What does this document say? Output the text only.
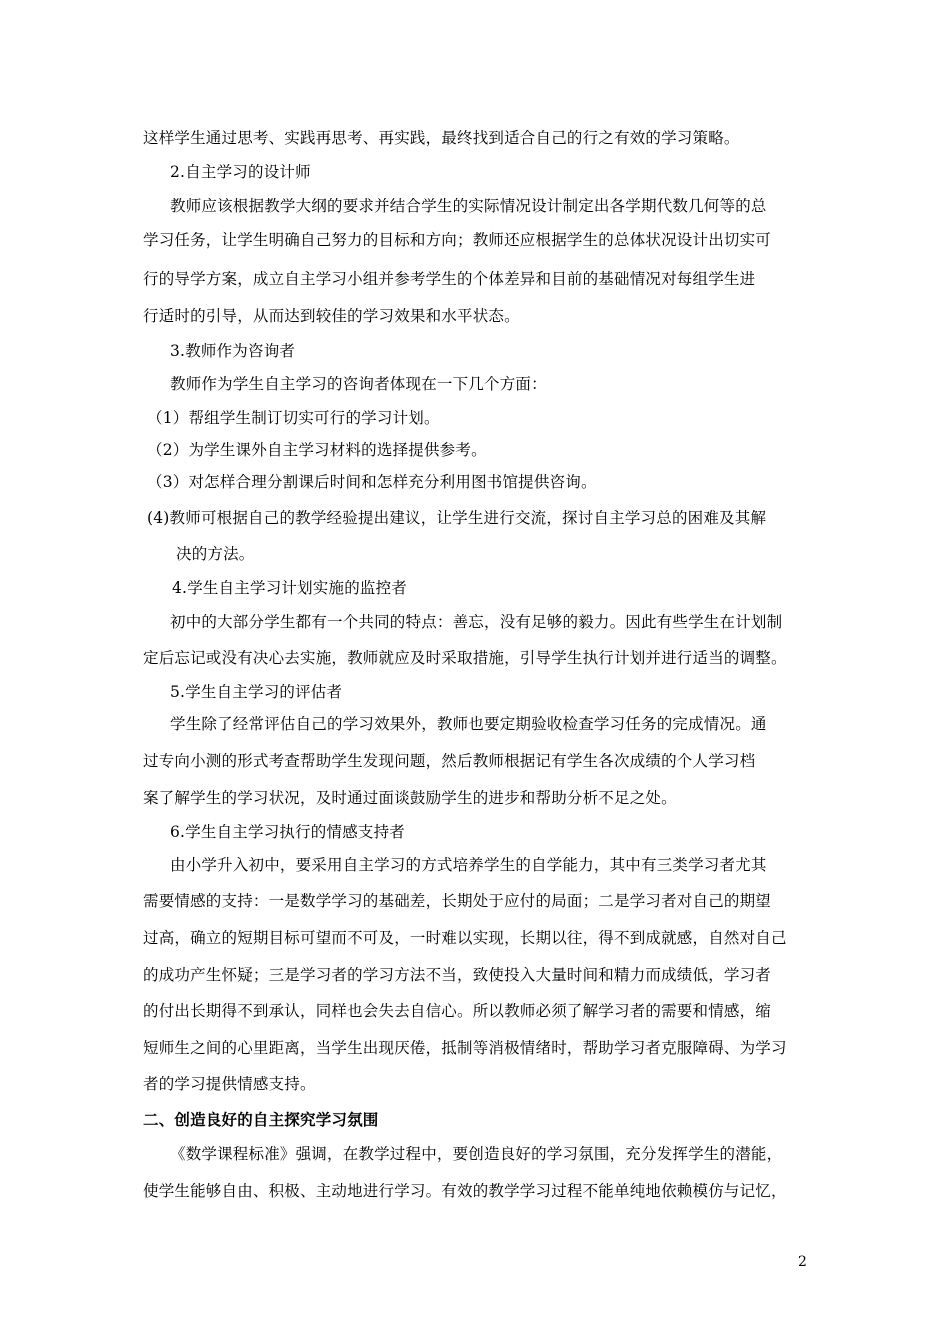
这样学生通过思考、实践再思考、再实践，最终找到适合自己的行之有效的学习策略。
2.自主学习的设计师
教师应该根据教学大纲的要求并结合学生的实际情况设计制定出各学期代数几何等的总
学习任务，让学生明确自己努力的目标和方向；教师还应根据学生的总体状况设计出切实可
行的导学方案，成立自主学习小组并参考学生的个体差异和目前的基础情况对每组学生进
行适时的引导，从而达到较佳的学习效果和水平状态。
3.教师作为咨询者
教师作为学生自主学习的咨询者体现在一下几个方面：
（1）帮组学生制订切实可行的学习计划。
（2）为学生课外自主学习材料的选择提供参考。
（3）对怎样合理分割课后时间和怎样充分利用图书馆提供咨询。
(4)教师可根据自己的教学经验提出建议，让学生进行交流，探讨自主学习总的困难及其解
决的方法。
4.学生自主学习计划实施的监控者
初中的大部分学生都有一个共同的特点：善忘，没有足够的毅力。因此有些学生在计划制
定后忘记或没有决心去实施，教师就应及时采取措施，引导学生执行计划并进行适当的调整。
5.学生自主学习的评估者
学生除了经常评估自己的学习效果外，教师也要定期验收检查学习任务的完成情况。通
过专向小测的形式考查帮助学生发现问题，然后教师根据记有学生各次成绩的个人学习档
案了解学生的学习状况，及时通过面谈鼓励学生的进步和帮助分析不足之处。
6.学生自主学习执行的情感支持者
由小学升入初中，要采用自主学习的方式培养学生的自学能力，其中有三类学习者尤其
需要情感的支持：一是数学学习的基础差，长期处于应付的局面；二是学习者对自己的期望
过高，确立的短期目标可望而不可及，一时难以实现，长期以往，得不到成就感，自然对自己
的成功产生怀疑；三是学习者的学习方法不当，致使投入大量时间和精力而成绩低，学习者
的付出长期得不到承认，同样也会失去自信心。所以教师必须了解学习者的需要和情感，缩
短师生之间的心里距离，当学生出现厌倦，抵制等消极情绪时，帮助学习者克服障碍、为学习
者的学习提供情感支持。
二、创造良好的自主探究学习氛围
《数学课程标准》强调，在教学过程中，要创造良好的学习氛围，充分发挥学生的潜能，
使学生能够自由、积极、主动地进行学习。有效的教学学习过程不能单纯地依赖模仿与记忆，
2
